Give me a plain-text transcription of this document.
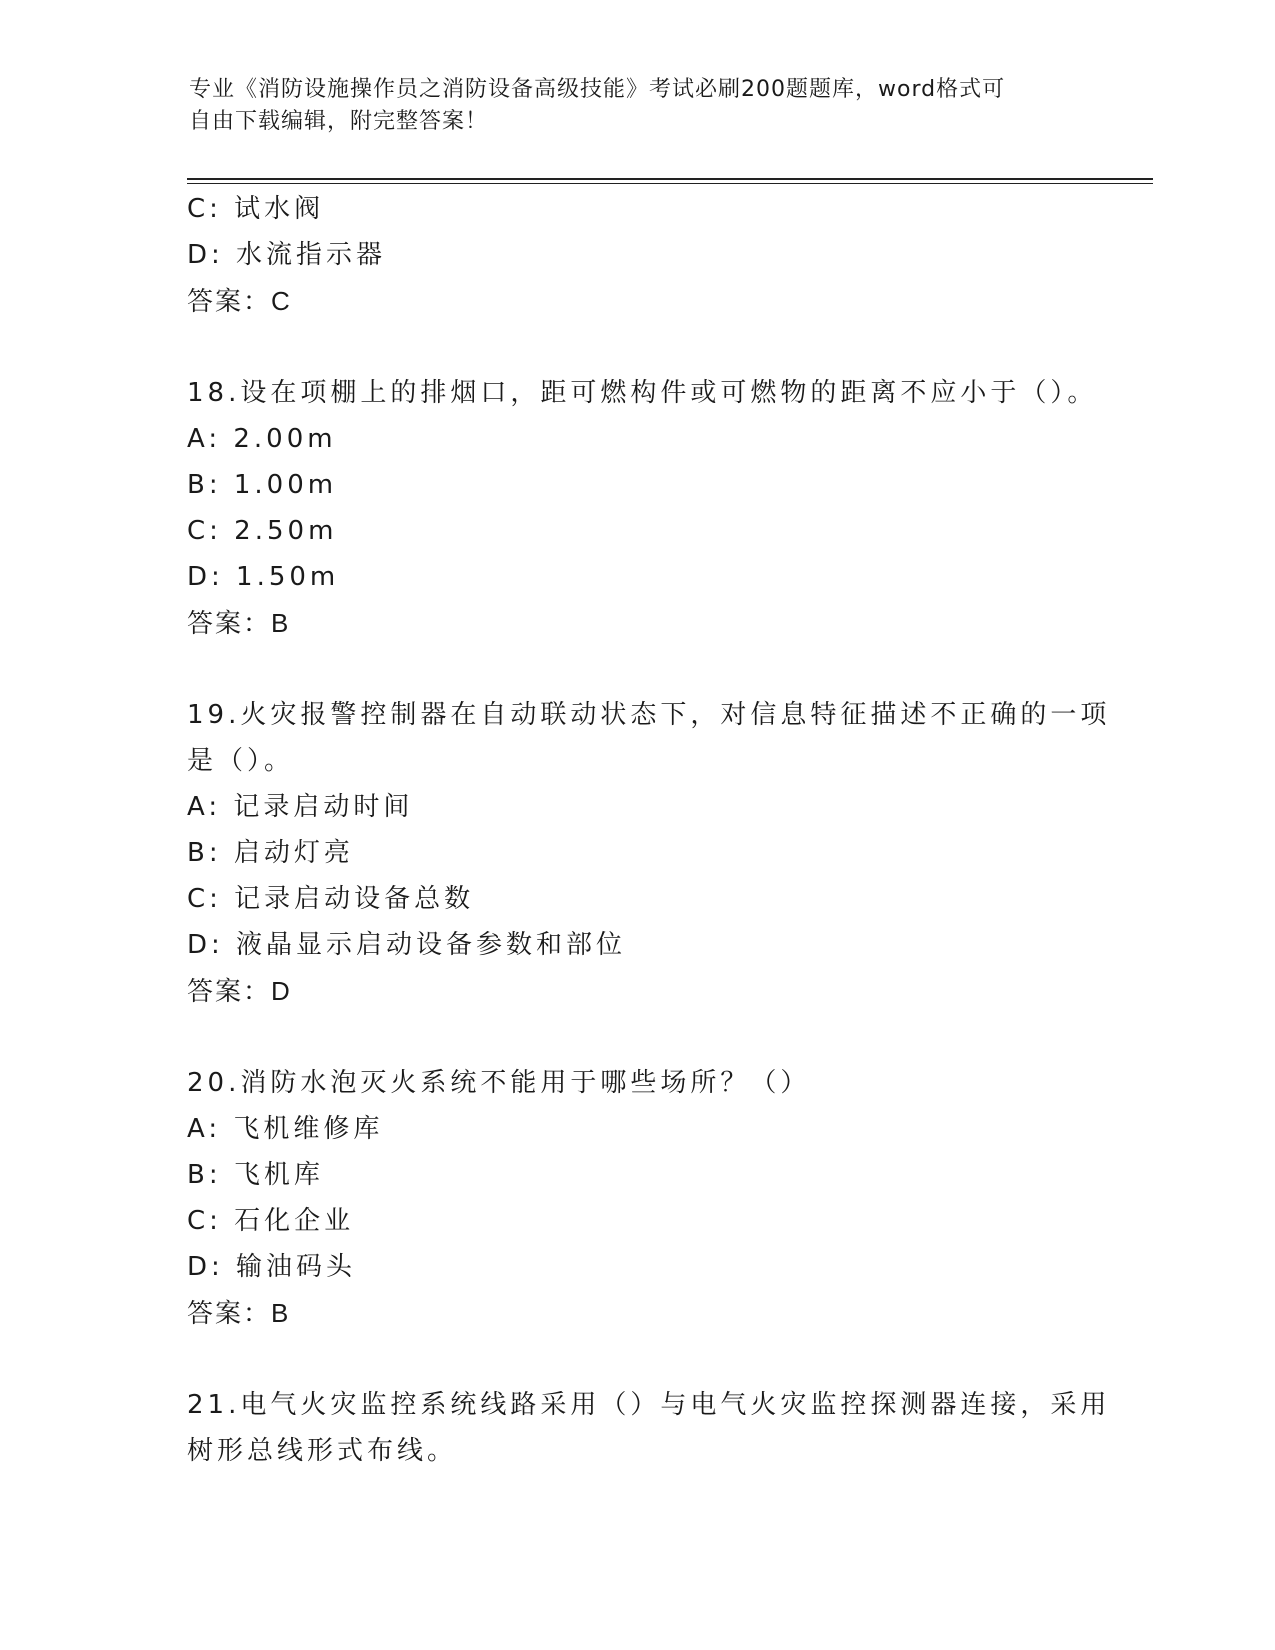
专业《消防设施操作员之消防设备高级技能》考试必刷200题题库，word格式可
自由下载编辑，附完整答案！
C: 试水阀
D: 水流指示器
答案：C
18.设在项棚上的排烟口，距可燃构件或可燃物的距离不应小于（）。
A: 2.00m
B: 1.00m
C: 2.50m
D: 1.50m
答案：B
19.火灾报警控制器在自动联动状态下，对信息特征描述不正确的一项
是（）。
A: 记录启动时间
B: 启动灯亮
C: 记录启动设备总数
D: 液晶显示启动设备参数和部位
答案：D
20.消防水泡灭火系统不能用于哪些场所？（）
A: 飞机维修库
B: 飞机库
C: 石化企业
D: 输油码头
答案：B
21.电气火灾监控系统线路采用（）与电气火灾监控探测器连接，采用
树形总线形式布线。
